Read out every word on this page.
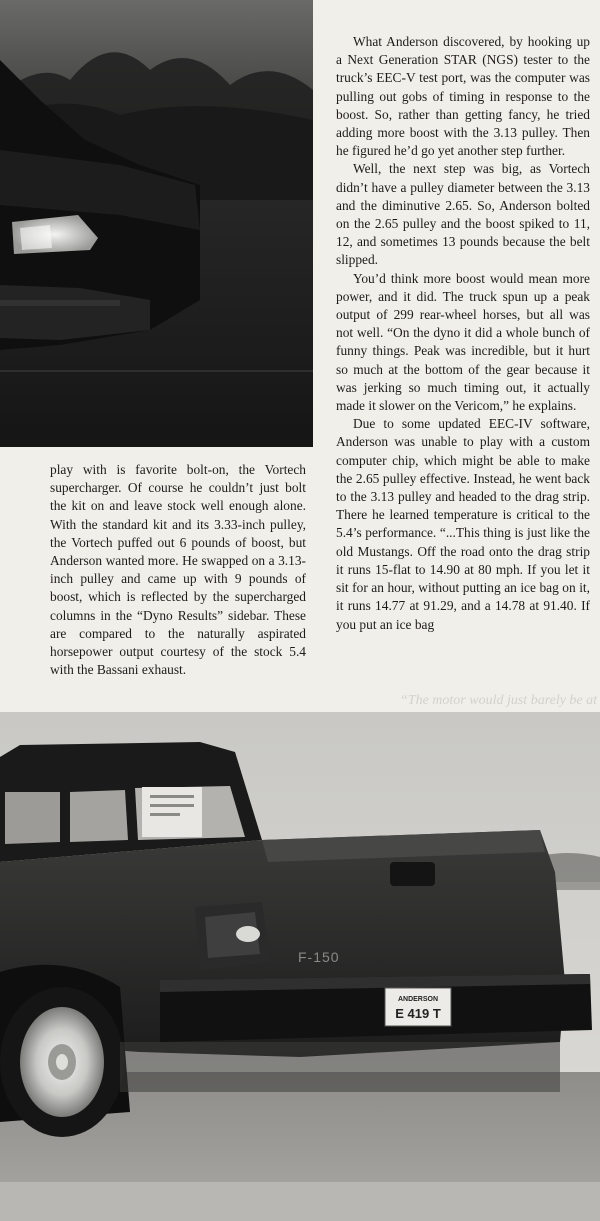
What Anderson discovered, by hooking up a Next Generation STAR (NGS) tester to the truck’s EEC-V test port, was the computer was pulling out gobs of timing in response to the boost. So, rather than getting fancy, he tried adding more boost with the 3.13 pulley. Then he figured he’d go yet another step further.

Well, the next step was big, as Vortech didn’t have a pulley diameter between the 3.13 and the diminutive 2.65. So, Anderson bolted on the 2.65 pulley and the boost spiked to 11, 12, and sometimes 13 pounds because the belt slipped.

You’d think more boost would mean more power, and it did. The truck spun up a peak output of 299 rear-wheel horses, but all was not well. “On the dyno it did a whole bunch of funny things. Peak was incredible, but it hurt so much at the bottom of the gear because it was jerking so much timing out, it actually made it slower on the Vericom,” he explains.

Due to some updated EEC-IV software, Anderson was unable to play with a custom computer chip, which might be able to make the 2.65 pulley effective. Instead, he went back to the 3.13 pulley and headed to the drag strip. There he learned temperature is critical to the 5.4’s performance. “...This thing is just like the old Mustangs. Off the road onto the drag strip it runs 15-flat to 14.90 at 80 mph. If you let it sit for an hour, without putting an ice bag on it, it runs 14.77 at 91.29, and a 14.78 at 91.40. If you put an ice bag

play with is favorite bolt-on, the Vortech supercharger. Of course he couldn’t just bolt the kit on and leave stock well enough alone. With the standard kit and its 3.33-inch pulley, the Vortech puffed out 6 pounds of boost, but Anderson wanted more. He swapped on a 3.13-inch pulley and came up with 9 pounds of boost, which is reflected by the supercharged columns in the “Dyno Results” sidebar. These are compared to the naturally aspirated horsepower output courtesy of the stock 5.4 with the Bassani exhaust.

“The motor would just barely be at
F-150
ANDERSON
E 419 T
